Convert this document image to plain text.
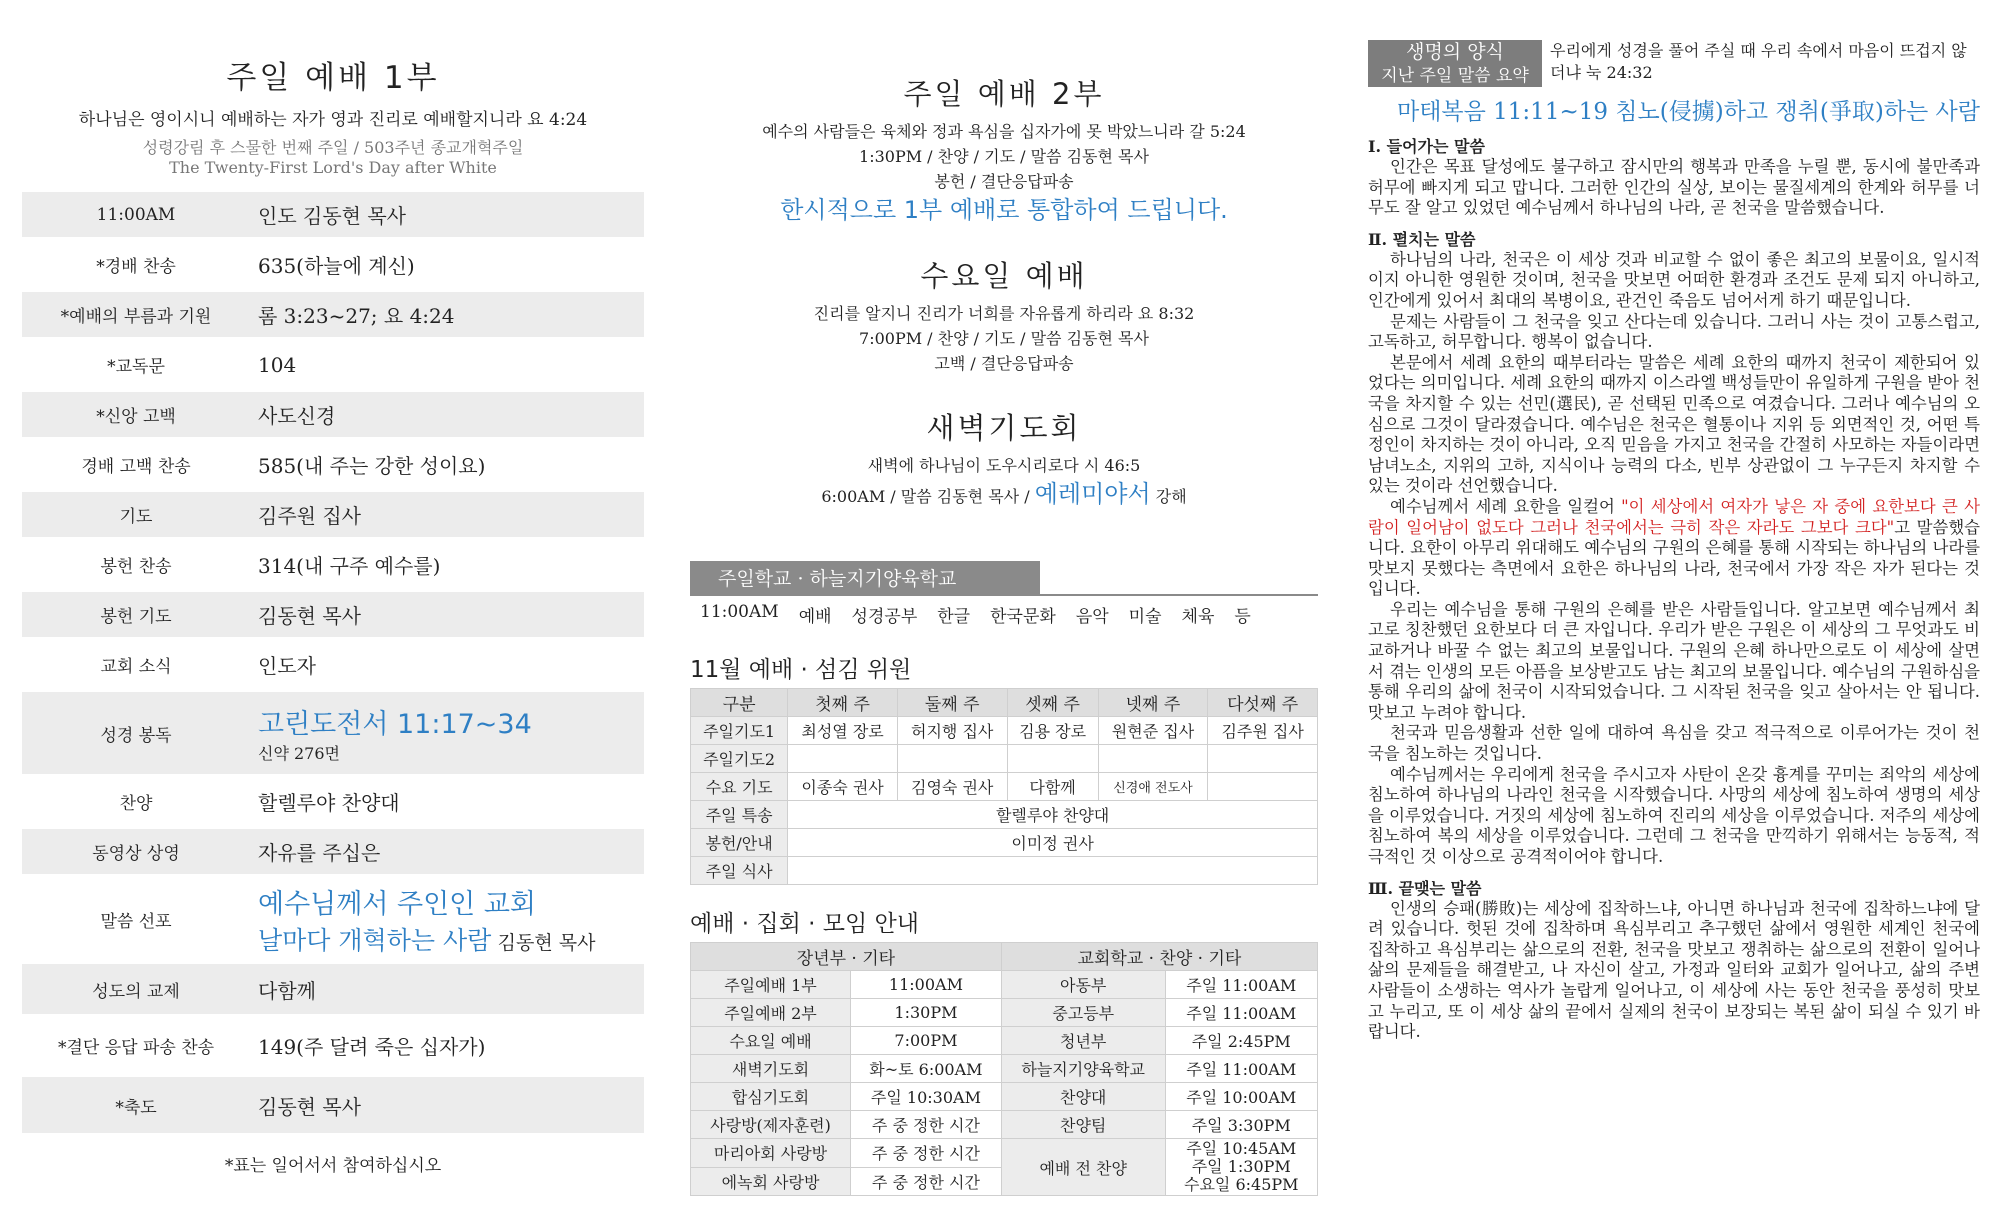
주일 예배 1부
하나님은 영이시니 예배하는 자가 영과 진리로 예배할지니라 요 4:24
성령강림 후 스물한 번째 주일 / 503주년 종교개혁주일
The Twenty-First Lord's Day after White
11:00AM	인도 김동현 목사
*경배 찬송	635(하늘에 계신)
*예배의 부름과 기원	롬 3:23~27; 요 4:24
*교독문	104
*신앙 고백	사도신경
경배 고백 찬송	585(내 주는 강한 성이요)
기도	김주원 집사
봉헌 찬송	314(내 구주 예수를)
봉헌 기도	김동현 목사
교회 소식	인도자
성경 봉독	고린도전서 11:17~34
신약 276면
찬양	할렐루야 찬양대
동영상 상영	자유를 주십은
말씀 선포
예수님께서 주인인 교회
날마다 개혁하는 사람 김동현 목사
성도의 교제	다함께
*결단 응답 파송 찬송	149(주 달려 죽은 십자가)
*축도	김동현 목사
*표는 일어서서 참여하십시오
주일 예배 2부
예수의 사람들은 육체와 정과 욕심을 십자가에 못 박았느니라 갈 5:24
1:30PM / 찬양 / 기도 / 말씀 김동현 목사
봉헌 / 결단응답파송
한시적으로 1부 예배로 통합하여 드립니다.
수요일 예배
진리를 알지니 진리가 너희를 자유롭게 하리라 요 8:32
7:00PM / 찬양 / 기도 / 말씀 김동현 목사
고백 / 결단응답파송
새벽기도회
새벽에 하나님이 도우시리로다 시 46:5
6:00AM / 말씀 김동현 목사 / 예레미야서 강해
주일학교 · 하늘지기양육학교
11:00AM 예배 성경공부 한글 한국문화 음악 미술 체육 등
11월 예배 · 섬김 위원
구분	첫째 주	둘째 주	셋째 주	넷째 주	다섯째 주
주일기도1	최성열 장로	허지행 집사	김용 장로	원현준 집사	김주원 집사
주일기도2					
수요 기도	이종숙 권사	김영숙 권사	다함께	신경애 전도사	
주일 특송	할렐루야 찬양대				
봉헌/안내	이미정 권사				
주일 식사					
예배 · 집회 · 모임 안내
장년부 · 기타		교회학교 · 찬양 · 기타	
주일예배 1부	11:00AM	아동부	주일 11:00AM
주일예배 2부	1:30PM	중고등부	주일 11:00AM
수요일 예배	7:00PM	청년부	주일 2:45PM
새벽기도회	화~토 6:00AM	하늘지기양육학교	주일 11:00AM
합심기도회	주일 10:30AM	찬양대	주일 10:00AM
사랑방(제자훈련)	주 중 정한 시간	찬양팀	주일 3:30PM
마리아회 사랑방	주 중 정한 시간	예배 전 찬양	주일 10:45AM
주일 1:30PM
수요일 6:45PM

에녹회 사랑방	주 중 정한 시간		
생명의 양식
지난 주일 말씀 요약
우리에게 성경을 풀어 주실 때 우리 속에서 마음이 뜨겁지 않더냐 눅 24:32
마태복음 11:11~19 침노(侵擄)하고 쟁취(爭取)하는 사람
Ⅰ. 들어가는 말씀

인간은 목표 달성에도 불구하고 잠시만의 행복과 만족을 누릴 뿐, 동시에 불만족과 허무에 빠지게 되고 맙니다. 그러한 인간의 실상, 보이는 물질세계의 한계와 허무를 너무도 잘 알고 있었던 예수님께서 하나님의 나라, 곧 천국을 말씀했습니다.

Ⅱ. 펼치는 말씀

하나님의 나라, 천국은 이 세상 것과 비교할 수 없이 좋은 최고의 보물이요, 일시적이지 아니한 영원한 것이며, 천국을 맛보면 어떠한 환경과 조건도 문제 되지 아니하고, 인간에게 있어서 최대의 복병이요, 관건인 죽음도 넘어서게 하기 때문입니다.

문제는 사람들이 그 천국을 잊고 산다는데 있습니다. 그러니 사는 것이 고통스럽고, 고독하고, 허무합니다. 행복이 없습니다.

본문에서 세례 요한의 때부터라는 말씀은 세례 요한의 때까지 천국이 제한되어 있었다는 의미입니다. 세례 요한의 때까지 이스라엘 백성들만이 유일하게 구원을 받아 천국을 차지할 수 있는 선민(選民), 곧 선택된 민족으로 여겼습니다. 그러나 예수님의 오심으로 그것이 달라졌습니다. 예수님은 천국은 혈통이나 지위 등 외면적인 것, 어떤 특정인이 차지하는 것이 아니라, 오직 믿음을 가지고 천국을 간절히 사모하는 자들이라면 남녀노소, 지위의 고하, 지식이나 능력의 다소, 빈부 상관없이 그 누구든지 차지할 수 있는 것이라 선언했습니다.

예수님께서 세례 요한을 일컬어 "이 세상에서 여자가 낳은 자 중에 요한보다 큰 사람이 일어남이 없도다 그러나 천국에서는 극히 작은 자라도 그보다 크다"고 말씀했습니다. 요한이 아무리 위대해도 예수님의 구원의 은혜를 통해 시작되는 하나님의 나라를 맛보지 못했다는 측면에서 요한은 하나님의 나라, 천국에서 가장 작은 자가 된다는 것입니다.

우리는 예수님을 통해 구원의 은혜를 받은 사람들입니다. 알고보면 예수님께서 최고로 칭찬했던 요한보다 더 큰 자입니다. 우리가 받은 구원은 이 세상의 그 무엇과도 비교하거나 바꿀 수 없는 최고의 보물입니다. 구원의 은혜 하나만으로도 이 세상에 살면서 겪는 인생의 모든 아픔을 보상받고도 남는 최고의 보물입니다. 예수님의 구원하심을 통해 우리의 삶에 천국이 시작되었습니다. 그 시작된 천국을 잊고 살아서는 안 됩니다. 맛보고 누려야 합니다.

천국과 믿음생활과 선한 일에 대하여 욕심을 갖고 적극적으로 이루어가는 것이 천국을 침노하는 것입니다.

예수님께서는 우리에게 천국을 주시고자 사탄이 온갖 흉계를 꾸미는 죄악의 세상에 침노하여 하나님의 나라인 천국을 시작했습니다. 사망의 세상에 침노하여 생명의 세상을 이루었습니다. 거짓의 세상에 침노하여 진리의 세상을 이루었습니다. 저주의 세상에 침노하여 복의 세상을 이루었습니다. 그런데 그 천국을 만끽하기 위해서는 능동적, 적극적인 것 이상으로 공격적이어야 합니다.

Ⅲ. 끝맺는 말씀

인생의 승패(勝敗)는 세상에 집착하느냐, 아니면 하나님과 천국에 집착하느냐에 달려 있습니다. 헛된 것에 집착하며 욕심부리고 추구했던 삶에서 영원한 세계인 천국에 집착하고 욕심부리는 삶으로의 전환, 천국을 맛보고 쟁취하는 삶으로의 전환이 일어나 삶의 문제들을 해결받고, 나 자신이 살고, 가정과 일터와 교회가 일어나고, 삶의 주변 사람들이 소생하는 역사가 놀랍게 일어나고, 이 세상에 사는 동안 천국을 풍성히 맛보고 누리고, 또 이 세상 삶의 끝에서 실제의 천국이 보장되는 복된 삶이 되실 수 있기 바랍니다.
